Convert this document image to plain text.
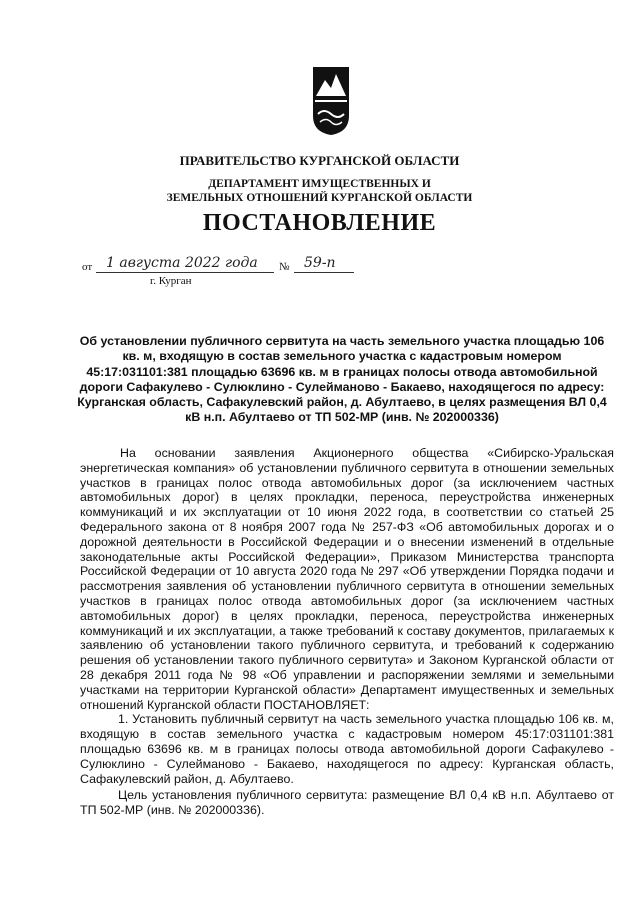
ПРАВИТЕЛЬСТВО КУРГАНСКОЙ ОБЛАСТИ
ДЕПАРТАМЕНТ ИМУЩЕСТВЕННЫХ И
ЗЕМЕЛЬНЫХ ОТНОШЕНИЙ КУРГАНСКОЙ ОБЛАСТИ
ПОСТАНОВЛЕНИЕ
от 1 августа 2022 года № 59-п
г. Курган
Об установлении публичного сервитута на часть земельного участка площадью 106 кв. м, входящую в состав земельного участка с кадастровым номером 45:17:031101:381 площадью 63696 кв. м в границах полосы отвода автомобильной дороги Сафакулево - Сулюклино - Сулейманово - Бакаево, находящегося по адресу: Курганская область, Сафакулевский район, д. Абултаево, в целях размещения ВЛ 0,4 кВ н.п. Абултаево от ТП 502-МР (инв. № 202000336)

На основании заявления Акционерного общества «Сибирско-Уральская энергетическая компания» об установлении публичного сервитута в отношении земельных участков в границах полос отвода автомобильных дорог (за исключением частных автомобильных дорог) в целях прокладки, переноса, переустройства инженерных коммуникаций и их эксплуатации от 10 июня 2022 года, в соответствии со статьей 25 Федерального закона от 8 ноября 2007 года № 257-ФЗ «Об автомобильных дорогах и о дорожной деятельности в Российской Федерации и о внесении изменений в отдельные законодательные акты Российской Федерации», Приказом Министерства транспорта Российской Федерации от 10 августа 2020 года № 297 «Об утверждении Порядка подачи и рассмотрения заявления об установлении публичного сервитута в отношении земельных участков в границах полос отвода автомобильных дорог (за исключением частных автомобильных дорог) в целях прокладки, переноса, переустройства инженерных коммуникаций и их эксплуатации, а также требований к составу документов, прилагаемых к заявлению об установлении такого публичного сервитута, и требований к содержанию решения об установлении такого публичного сервитута» и Законом Курганской области от 28 декабря 2011 года № 98 «Об управлении и распоряжении землями и земельными участками на территории Курганской области» Департамент имущественных и земельных отношений Курганской области ПОСТАНОВЛЯЕТ:

1. Установить публичный сервитут на часть земельного участка площадью 106 кв. м, входящую в состав земельного участка с кадастровым номером 45:17:031101:381 площадью 63696 кв. м в границах полосы отвода автомобильной дороги Сафакулево - Сулюклино - Сулейманово - Бакаево, находящегося по адресу: Курганская область, Сафакулевский район, д. Абултаево.

Цель установления публичного сервитута: размещение ВЛ 0,4 кВ н.п. Абултаево от ТП 502-МР (инв. № 202000336).
